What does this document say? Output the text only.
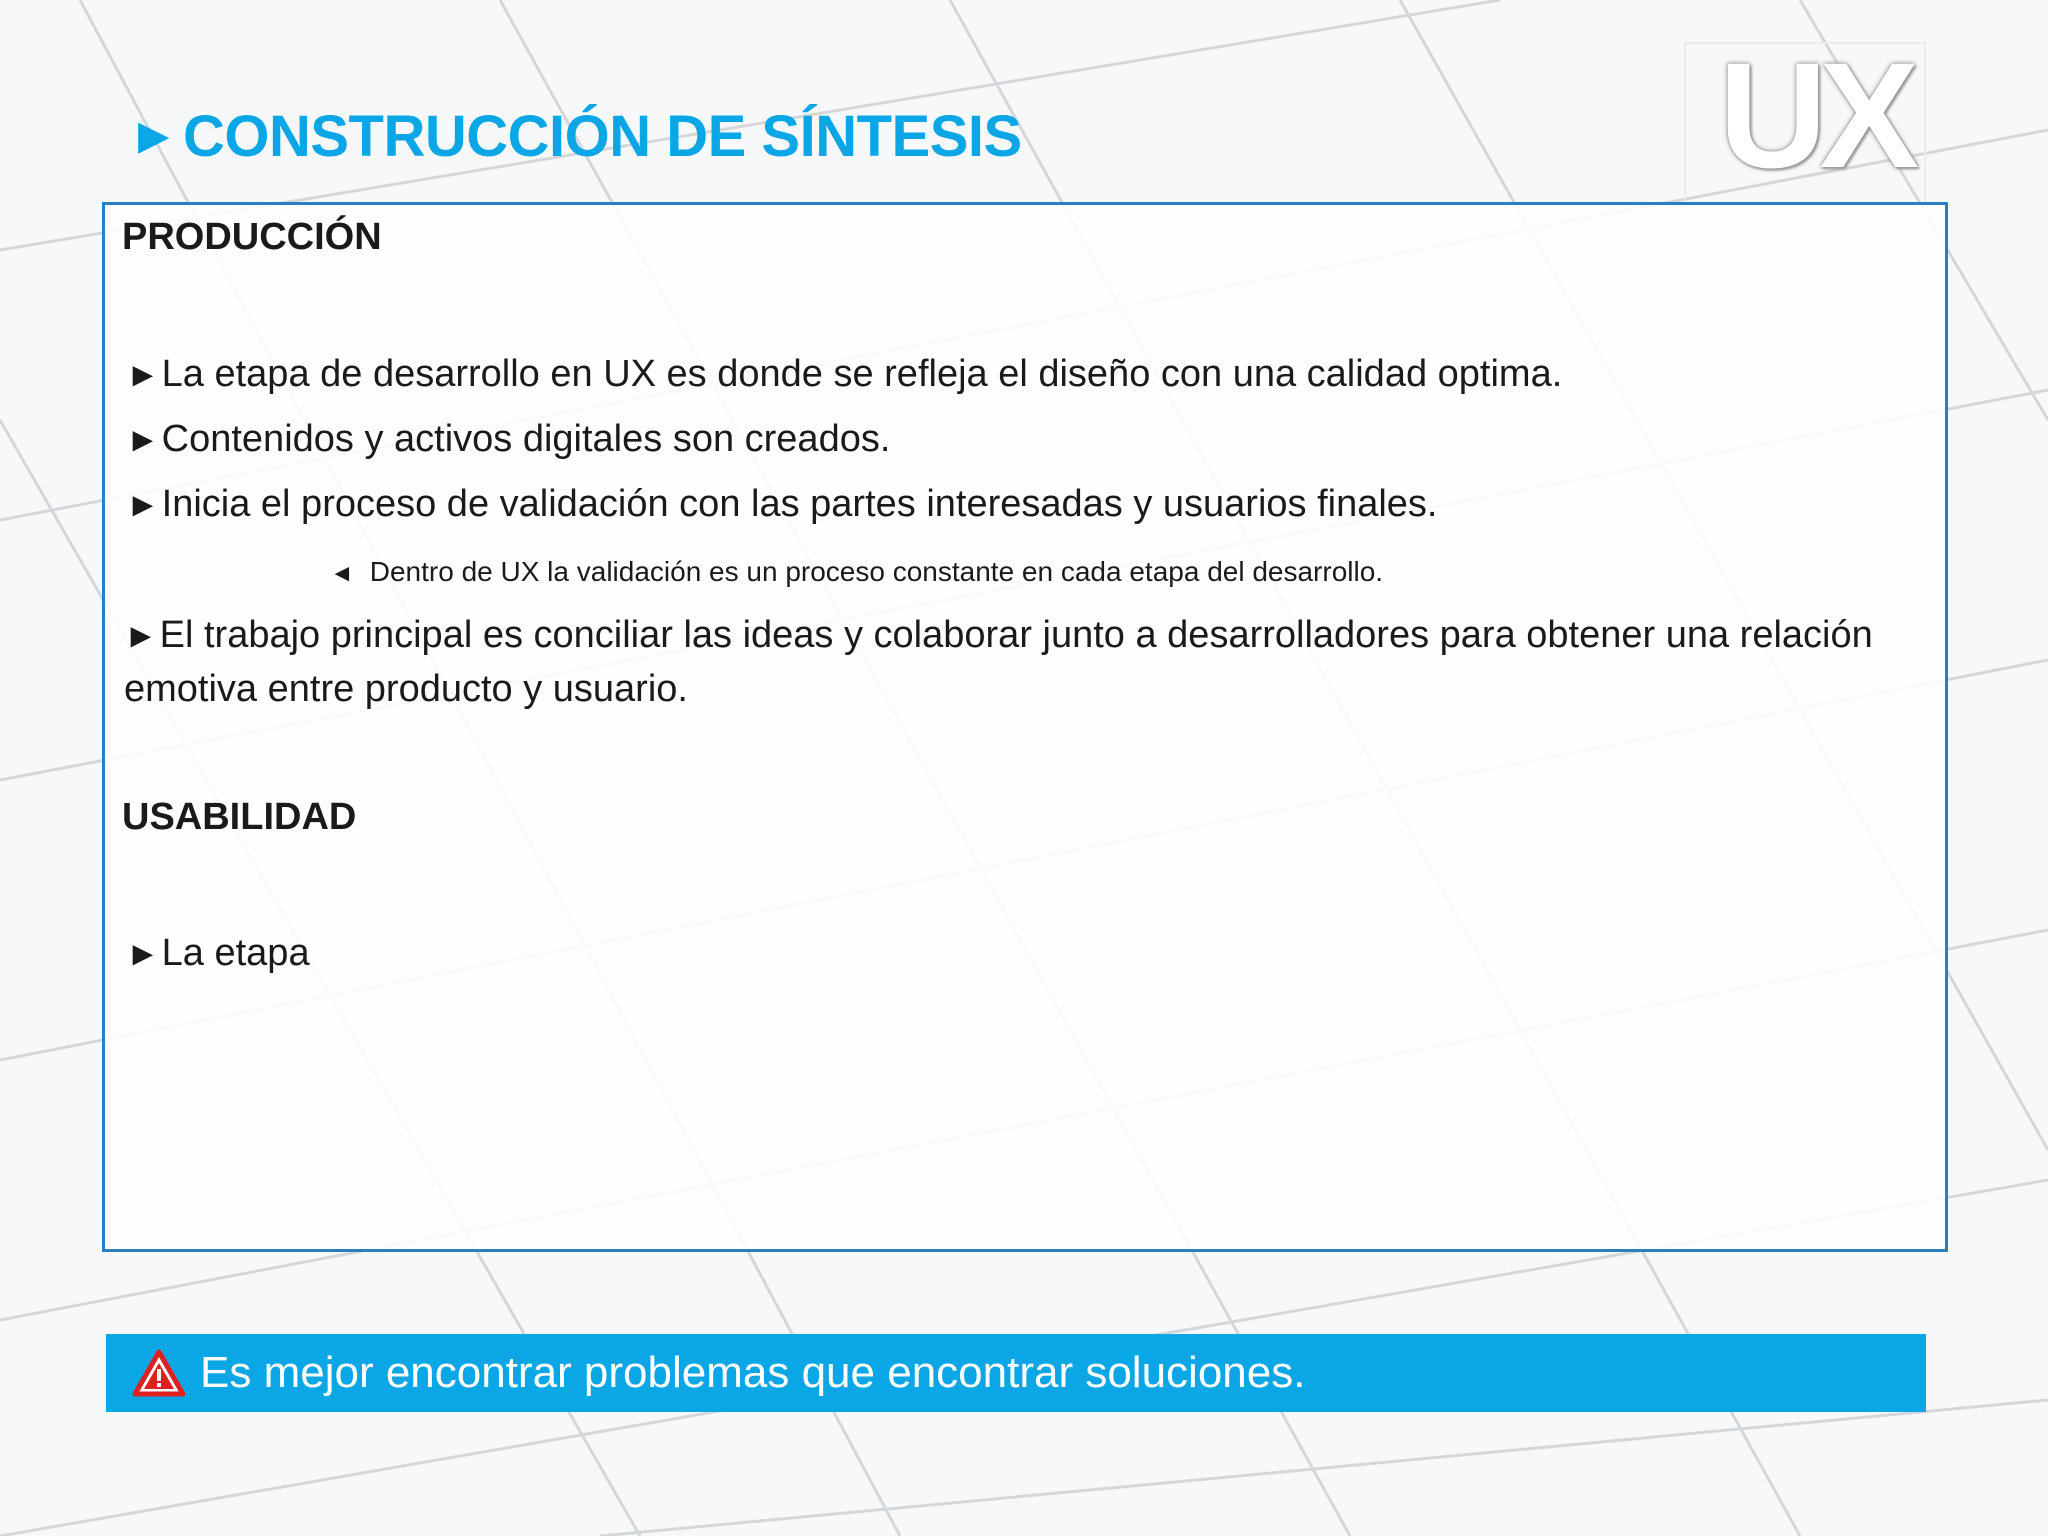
► CONSTRUCCIÓN DE SÍNTESIS	UX
PRODUCCIÓN
►La etapa de desarrollo en UX es donde se refleja el diseño con una calidad optima.
►Contenidos y activos digitales son creados.
►Inicia el proceso de validación con las partes interesadas y usuarios finales.
◄ Dentro de UX la validación es un proceso constante en cada etapa del desarrollo.
►El trabajo principal es conciliar las ideas y colaborar junto a desarrolladores para obtener una relación emotiva entre producto y usuario.
USABILIDAD
►La etapa
Es mejor encontrar problemas que encontrar soluciones.
